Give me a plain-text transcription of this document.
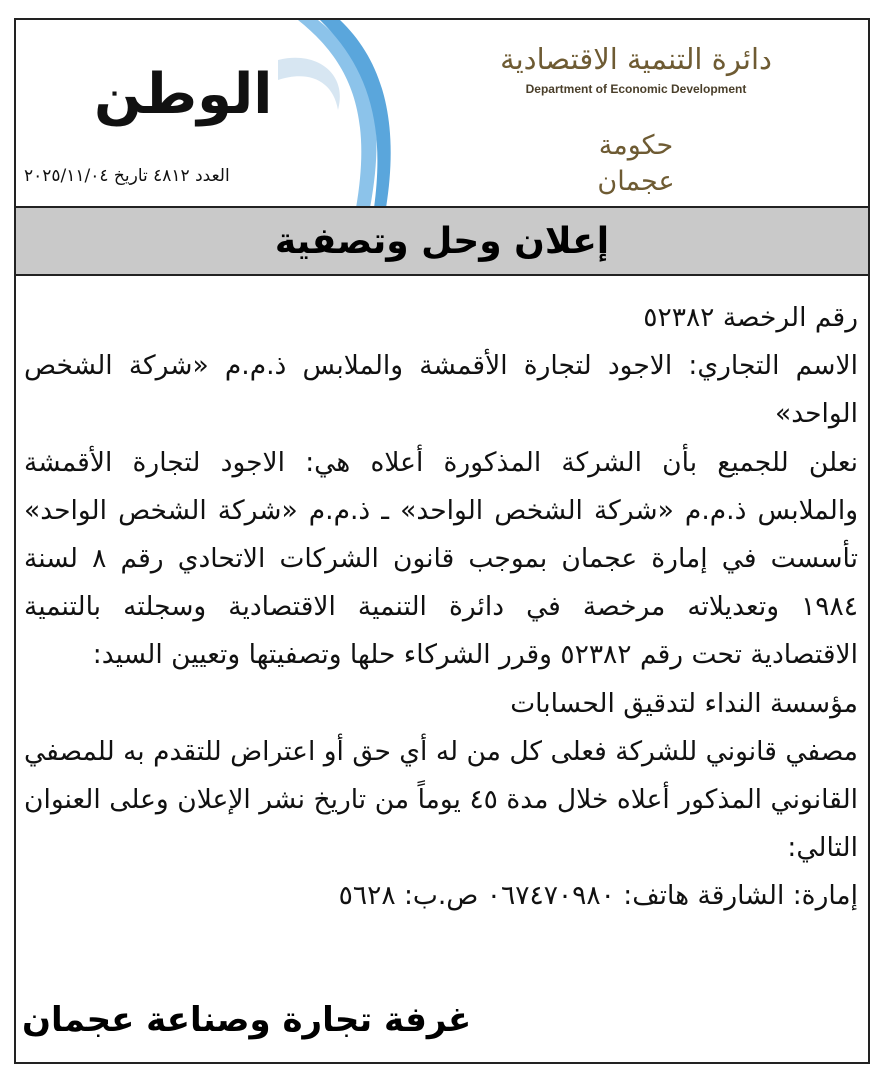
الوطن
العدد ٤٨١٢ تاريخ ٢٠٢٥/١١/٠٤
دائرة التنمية الاقتصادية
Department of Economic Development
حكومة عجمان
إعلان وحل وتصفية

رقم الرخصة ٥٢٣٨٢

الاسم التجاري: الاجود لتجارة الأقمشة والملابس ذ.م.م «شركة الشخص الواحد»

نعلن للجميع بأن الشركة المذكورة أعلاه هي: الاجود لتجارة الأقمشة والملابس ذ.م.م «شركة الشخص الواحد» ـ ذ.م.م «شركة الشخص الواحد» تأسست في إمارة عجمان بموجب قانون الشركات الاتحادي رقم ٨ لسنة ١٩٨٤ وتعديلاته مرخصة في دائرة التنمية الاقتصادية وسجلته بالتنمية الاقتصادية تحت رقم ٥٢٣٨٢ وقرر الشركاء حلها وتصفيتها وتعيين السيد:

مؤسسة النداء لتدقيق الحسابات

مصفي قانوني للشركة فعلى كل من له أي حق أو اعتراض للتقدم به للمصفي القانوني المذكور أعلاه خلال مدة ٤٥ يوماً من تاريخ نشر الإعلان وعلى العنوان التالي:

إمارة: الشارقة هاتف: ٠٦٧٤٧٠٩٨٠ ص.ب: ٥٦٢٨

غرفة تجارة وصناعة عجمان
